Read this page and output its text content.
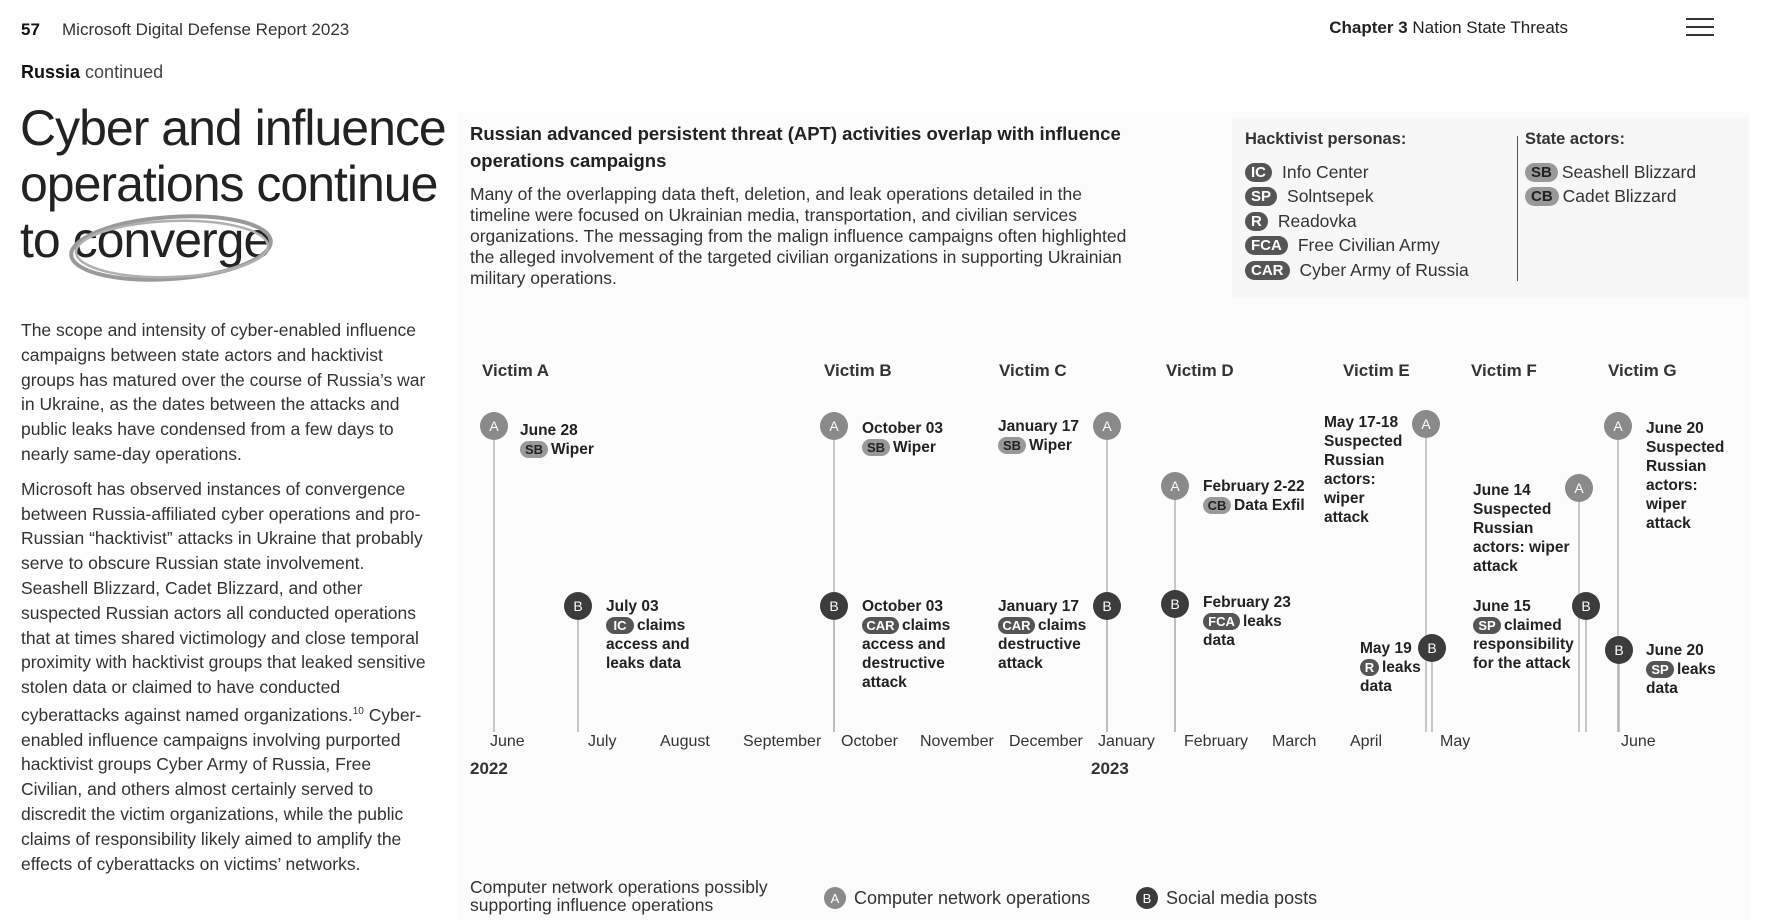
57 Microsoft Digital Defense Report 2023	Chapter 3 Nation State Threats
Russia continued
Cyber and influence
operations continue
to converge

The scope and intensity of cyber-enabled influence campaigns between state actors and hacktivist groups has matured over the course of Russia’s war in Ukraine, as the dates between the attacks and public leaks have condensed from a few days to nearly same-day operations.

Microsoft has observed instances of convergence between Russia-affiliated cyber operations and pro-Russian “hacktivist” attacks in Ukraine that probably serve to obscure Russian state involvement. Seashell Blizzard, Cadet Blizzard, and other suspected Russian actors all conducted operations that at times shared victimology and close temporal proximity with hacktivist groups that leaked sensitive stolen data or claimed to have conducted cyberattacks against named organizations.$^{10}$ Cyber-enabled influence campaigns involving purported hacktivist groups Cyber Army of Russia, Free Civilian, and others almost certainly served to discredit the victim organizations, while the public claims of responsibility likely aimed to amplify the effects of cyberattacks on victims’ networks.

Russian advanced persistent threat (APT) activities overlap with influence operations campaigns
Many of the overlapping data theft, deletion, and leak operations detailed in the timeline were focused on Ukrainian media, transportation, and civilian services organizations. The messaging from the malign influence campaigns often highlighted the alleged involvement of the targeted civilian organizations in supporting Ukrainian military operations.
Hacktivist personas:
IC Info Center
SP Solntsepek
R Readovka
FCA Free Civilian Army
CAR Cyber Army of Russia
State actors:
SB Seashell Blizzard
CB Cadet Blizzard
Victim A	Victim B	Victim C	Victim D	Victim E	Victim F	Victim G
June	July	August September October November December January February March April	May	June
2022	2023
A June 28
SB Wiper
B July 03
IC claims
access and
leaks data
A October 03
SB Wiper
B October 03
CAR claims
access and
destructive
attack
A
January 17
SB Wiper
B
January 17
CAR claims
destructive
attack
A February 2-22
CB Data Exfil
B February 23
FCA leaks
data
A
May 17-18
Suspected
Russian
actors:
wiper
attack
B
May 19
R leaks
data
A
June 14
Suspected
Russian
actors: wiper
attack
B
June 15
SP claimed
responsibility
for the attack
A June 20
Suspected
Russian
actors:
wiper
attack
B June 20
SP leaks
data
Computer network operations possibly supporting influence operations	A Computer network operations	B Social media posts
